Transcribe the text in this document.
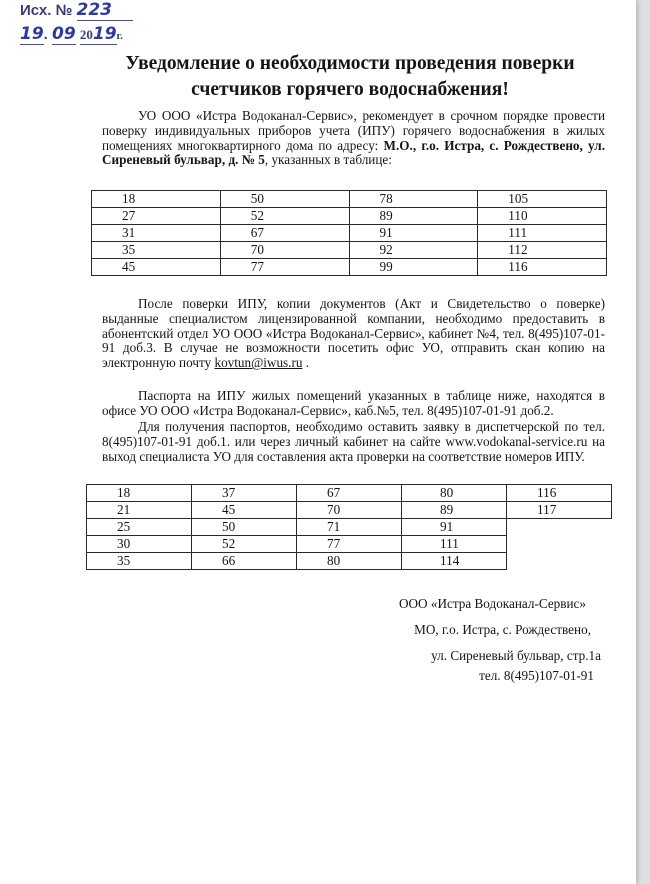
Исх. № 223
19. 09 2019г.
Уведомление о необходимости проведения поверки
счетчиков горячего водоснабжения!
УО ООО «Истра Водоканал-Сервис», рекомендует в срочном порядке провести поверку индивидуальных приборов учета (ИПУ) горячего водоснабжения в жилых помещениях многоквартирного дома по адресу: М.О., г.о. Истра, с. Рождествено, ул. Сиреневый бульвар, д. № 5, указанных в таблице:
18	50	78	105
27	52	89	110
31	67	91	111
35	70	92	112
45	77	99	116
После поверки ИПУ, копии документов (Акт и Свидетельство о поверке) выданные специалистом лицензированной компании, необходимо предоставить в абонентский отдел УО ООО «Истра Водоканал-Сервис», кабинет №4, тел. 8(495)107-01-91 доб.3. В случае не возможности посетить офис УО, отправить скан копию на электронную почту kovtun@iwus.ru .
Паспорта на ИПУ жилых помещений указанных в таблице ниже, находятся в офисе УО ООО «Истра Водоканал-Сервис», каб.№5, тел. 8(495)107-01-91 доб.2.
Для получения паспортов, необходимо оставить заявку в диспетчерской по тел. 8(495)107-01-91 доб.1. или через личный кабинет на сайте www.vodokanal-service.ru на выход специалиста УО для составления акта проверки на соответствие номеров ИПУ.
18	37	67	80	116
21	45	70	89	117
25	50	71	91	
30	52	77	111	
35	66	80	114	
ООО «Истра Водоканал-Сервис»
МО, г.о. Истра, с. Рождествено,
ул. Сиреневый бульвар, стр.1а
тел. 8(495)107-01-91
